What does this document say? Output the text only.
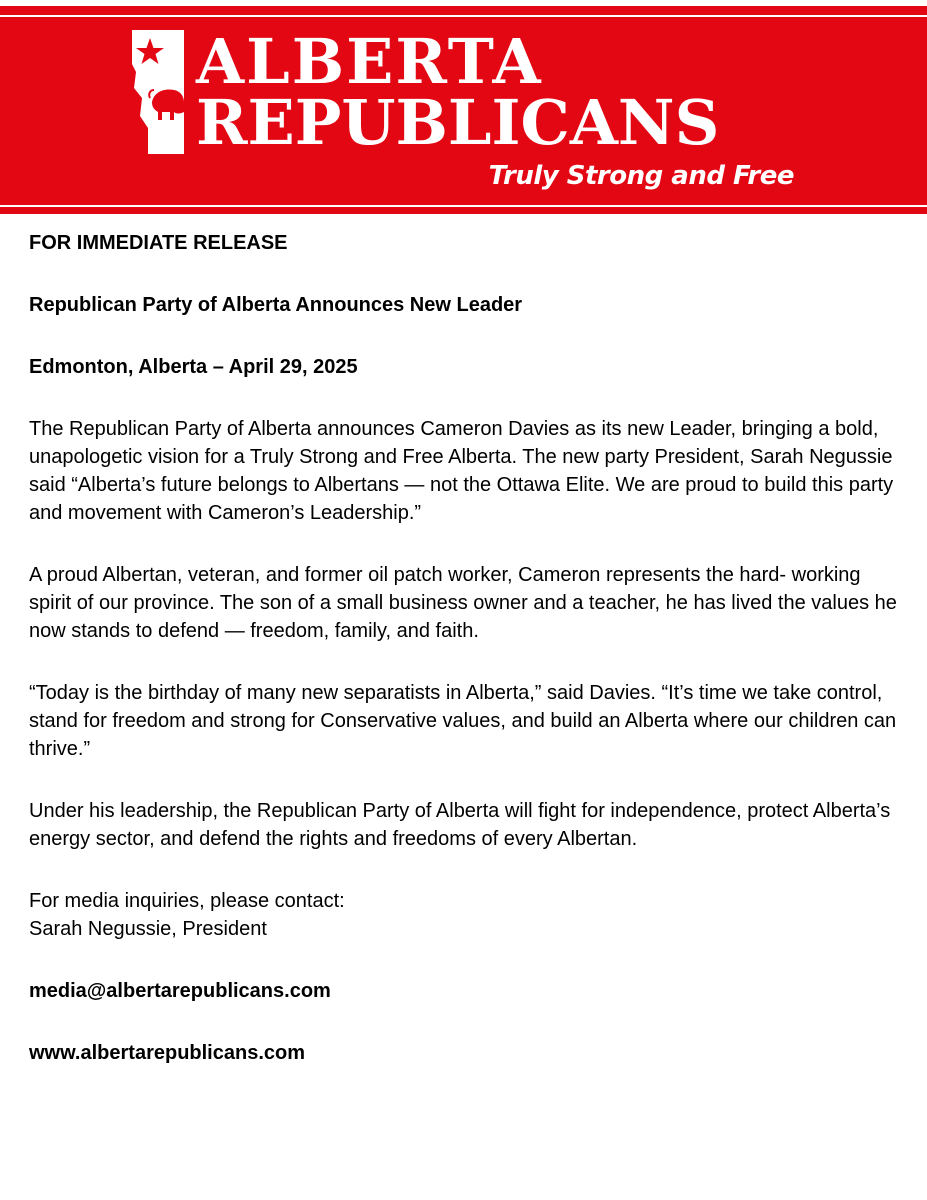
ALBERTA
REPUBLICANS
Truly Strong and Free

FOR IMMEDIATE RELEASE

Republican Party of Alberta Announces New Leader

Edmonton, Alberta – April 29, 2025

The Republican Party of Alberta announces Cameron Davies as its new Leader, bringing a bold, unapologetic vision for a Truly Strong and Free Alberta. The new party President, Sarah Negussie said “Alberta’s future belongs to Albertans — not the Ottawa Elite. We are proud to build this party and movement with Cameron’s Leadership.”

A proud Albertan, veteran, and former oil patch worker, Cameron represents the hard- working spirit of our province. The son of a small business owner and a teacher, he has lived the values he now stands to defend — freedom, family, and faith.

“Today is the birthday of many new separatists in Alberta,” said Davies. “It’s time we take control, stand for freedom and strong for Conservative values, and build an Alberta where our children can thrive.”

Under his leadership, the Republican Party of Alberta will fight for independence, protect Alberta’s energy sector, and defend the rights and freedoms of every Albertan.

For media inquiries, please contact:

Sarah Negussie, President

media@albertarepublicans.com

www.albertarepublicans.com
